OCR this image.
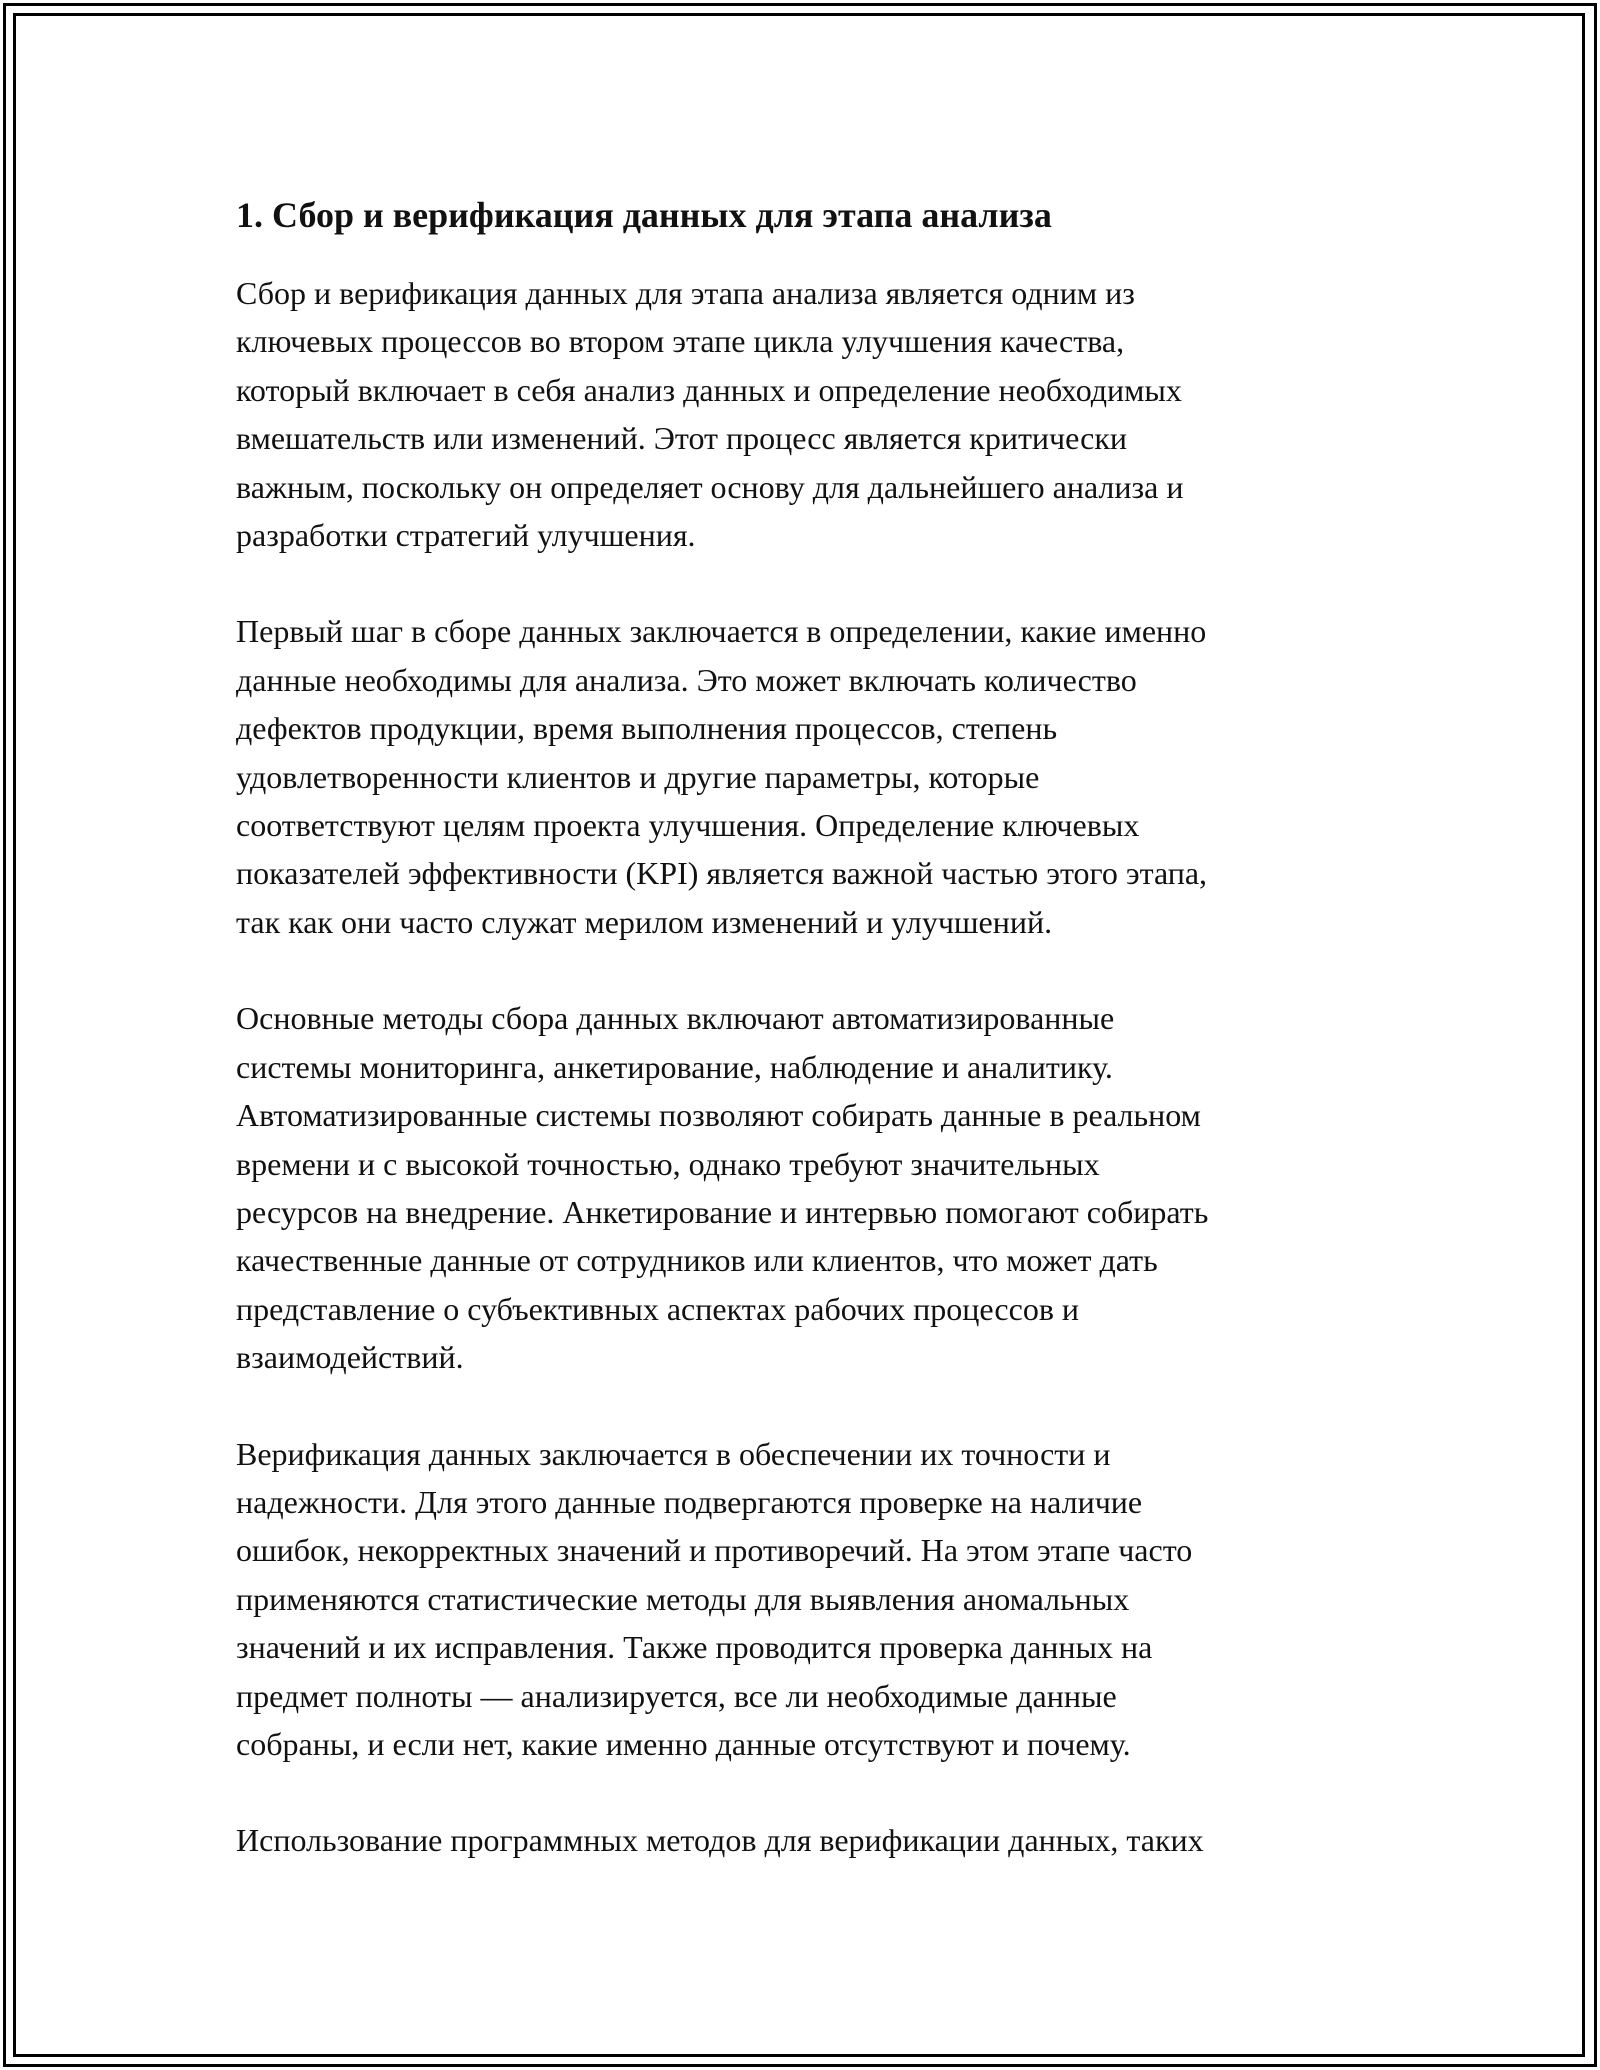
1. Сбор и верификация данных для этапа анализа

Сбор и верификация данных для этапа анализа является одним из
ключевых процессов во втором этапе цикла улучшения качества,
который включает в себя анализ данных и определение необходимых
вмешательств или изменений. Этот процесс является критически
важным, поскольку он определяет основу для дальнейшего анализа и
разработки стратегий улучшения.

Первый шаг в сборе данных заключается в определении, какие именно
данные необходимы для анализа. Это может включать количество
дефектов продукции, время выполнения процессов, степень
удовлетворенности клиентов и другие параметры, которые
соответствуют целям проекта улучшения. Определение ключевых
показателей эффективности (KPI) является важной частью этого этапа,
так как они часто служат мерилом изменений и улучшений.

Основные методы сбора данных включают автоматизированные
системы мониторинга, анкетирование, наблюдение и аналитику.
Автоматизированные системы позволяют собирать данные в реальном
времени и с высокой точностью, однако требуют значительных
ресурсов на внедрение. Анкетирование и интервью помогают собирать
качественные данные от сотрудников или клиентов, что может дать
представление о субъективных аспектах рабочих процессов и
взаимодействий.

Верификация данных заключается в обеспечении их точности и
надежности. Для этого данные подвергаются проверке на наличие
ошибок, некорректных значений и противоречий. На этом этапе часто
применяются статистические методы для выявления аномальных
значений и их исправления. Также проводится проверка данных на
предмет полноты — анализируется, все ли необходимые данные
собраны, и если нет, какие именно данные отсутствуют и почему.

Использование программных методов для верификации данных, таких
